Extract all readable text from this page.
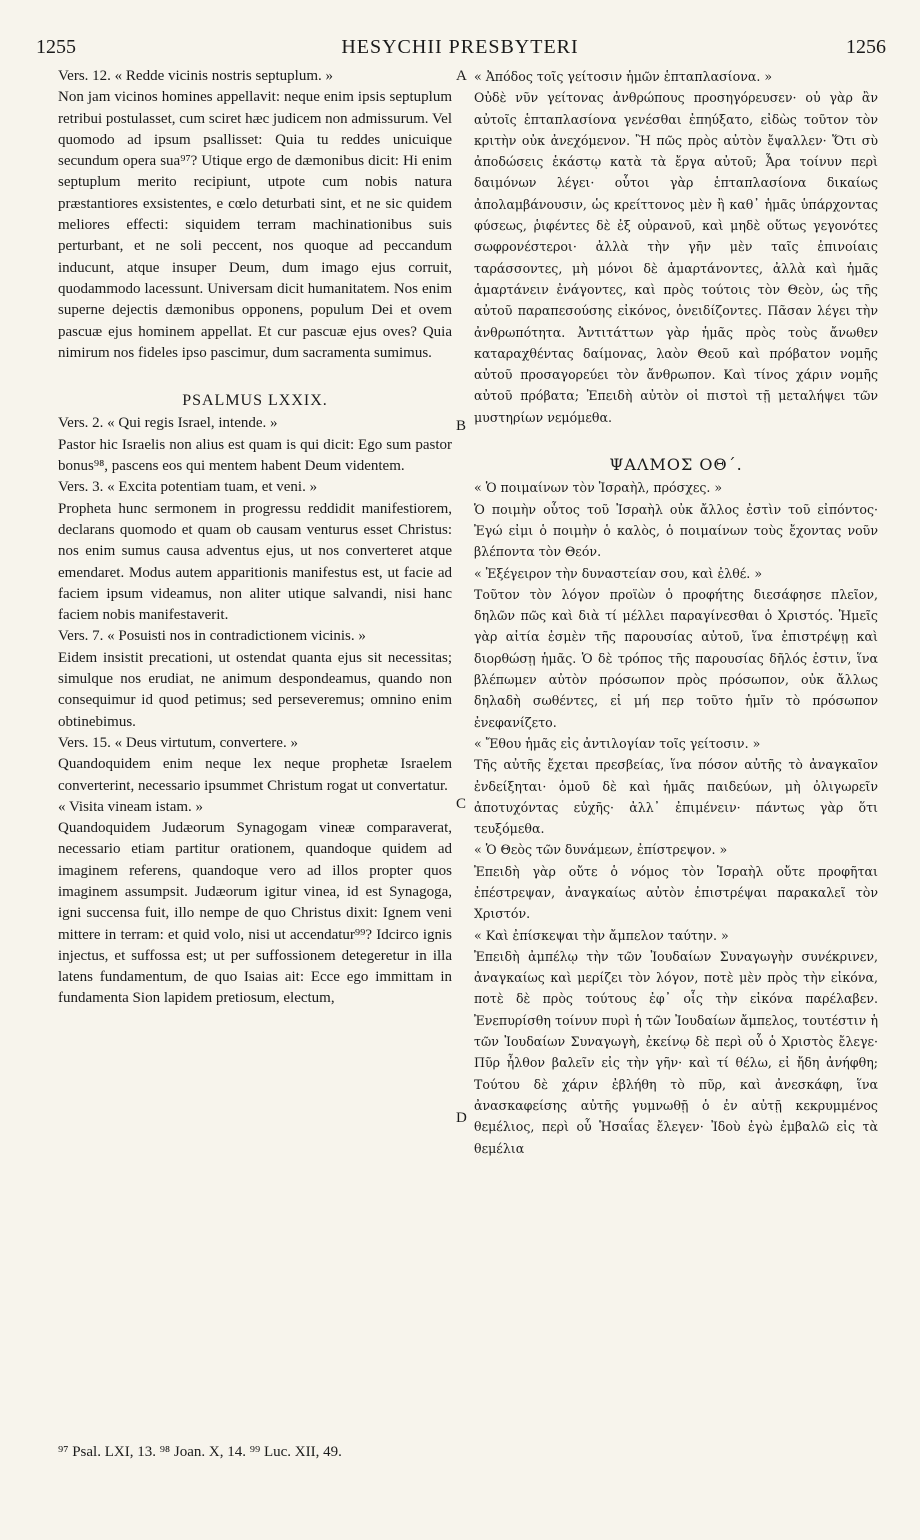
1255	HESYCHII PRESBYTERI	1256

Vers. 12. « Redde vicinis nostris septuplum. »

Non jam vicinos homines appellavit: neque enim ipsis septuplum retribui postulasset, cum sciret hæc judicem non admissurum. Vel quomodo ad ipsum psallisset: Quia tu reddes unicuique secundum opera sua⁹⁷? Utique ergo de dæmonibus dicit: Hi enim septuplum merito recipiunt, utpote cum nobis natura præstantiores exsistentes, e cœlo deturbati sint, et ne sic quidem meliores effecti: siquidem terram machinationibus suis perturbant, et ne soli peccent, nos quoque ad peccandum inducunt, atque insuper Deum, dum imago ejus corruit, quodammodo lacessunt. Universam dicit humanitatem. Nos enim superne dejectis dæmonibus opponens, populum Dei et ovem pascuæ ejus hominem appellat. Et cur pascuæ ejus oves? Quia nimirum nos fideles ipso pascimur, dum sacramenta sumimus.

PSALMUS LXXIX.

Vers. 2. « Qui regis Israel, intende. »

Pastor hic Israelis non alius est quam is qui dicit: Ego sum pastor bonus⁹⁸, pascens eos qui mentem habent Deum videntem.

Vers. 3. « Excita potentiam tuam, et veni. »

Propheta hunc sermonem in progressu reddidit manifestiorem, declarans quomodo et quam ob causam venturus esset Christus: nos enim sumus causa adventus ejus, ut nos converteret atque emendaret. Modus autem apparitionis manifestus est, ut facie ad faciem ipsum videamus, non aliter utique salvandi, nisi hanc faciem nobis manifestaverit.

Vers. 7. « Posuisti nos in contradictionem vicinis. »

Eidem insistit precationi, ut ostendat quanta ejus sit necessitas; simulque nos erudiat, ne animum despondeamus, quando non consequimur id quod petimus; sed perseveremus; omnino enim obtinebimus.

Vers. 15. « Deus virtutum, convertere. »

Quandoquidem enim neque lex neque prophetæ Israelem converterint, necessario ipsummet Christum rogat ut convertatur.

« Visita vineam istam. »

Quandoquidem Judæorum Synagogam vineæ comparaverat, necessario etiam partitur orationem, quandoque quidem ad imaginem referens, quandoque vero ad illos propter quos imaginem assumpsit. Judæorum igitur vinea, id est Synagoga, igni succensa fuit, illo nempe de quo Christus dixit: Ignem veni mittere in terram: et quid volo, nisi ut accendatur⁹⁹? Idcirco ignis injectus, et suffossa est; ut per suffossionem detegeretur in illa latens fundamentum, de quo Isaias ait: Ecce ego immittam in fundamenta Sion lapidem pretiosum, electum,

« Ἀπόδος τοῖς γείτοσιν ἡμῶν ἑπταπλασίονα. »

Οὐδὲ νῦν γείτονας ἀνθρώπους προσηγόρευσεν· οὐ γὰρ ἂν αὐτοῖς ἑπταπλασίονα γενέσθαι ἐπηύξατο, εἰδὼς τοῦτον τὸν κριτὴν οὐκ ἀνεχόμενον. Ἢ πῶς πρὸς αὐτὸν ἔψαλλεν· Ὅτι σὺ ἀποδώσεις ἑκάστῳ κατὰ τὰ ἔργα αὐτοῦ; Ἆρα τοίνυν περὶ δαιμόνων λέγει· οὗτοι γὰρ ἑπταπλασίονα δικαίως ἀπολαμβάνουσιν, ὡς κρείττονος μὲν ἢ καθ᾽ ἡμᾶς ὑπάρχοντας φύσεως, ῥιφέντες δὲ ἐξ οὐρανοῦ, καὶ μηδὲ οὕτως γεγονότες σωφρονέστεροι· ἀλλὰ τὴν γῆν μὲν ταῖς ἐπινοίαις ταράσσοντες, μὴ μόνοι δὲ ἁμαρτάνοντες, ἀλλὰ καὶ ἡμᾶς ἁμαρτάνειν ἐνάγοντες, καὶ πρὸς τούτοις τὸν Θεὸν, ὡς τῆς αὐτοῦ παραπεσούσης εἰκόνος, ὀνειδίζοντες. Πᾶσαν λέγει τὴν ἀνθρωπότητα. Ἀντιτάττων γὰρ ἡμᾶς πρὸς τοὺς ἄνωθεν καταραχθέντας δαίμονας, λαὸν Θεοῦ καὶ πρόβατον νομῆς αὐτοῦ προσαγορεύει τὸν ἄνθρωπον. Καὶ τίνος χάριν νομῆς αὐτοῦ πρόβατα; Ἐπειδὴ αὐτὸν οἱ πιστοὶ τῇ μεταλήψει τῶν μυστηρίων νεμόμεθα.

ΨΑΛΜΟΣ ΟΘ΄.

« Ὁ ποιμαίνων τὸν Ἰσραὴλ, πρόσχες. »

Ὁ ποιμὴν οὗτος τοῦ Ἰσραὴλ οὐκ ἄλλος ἐστὶν τοῦ εἰπόντος· Ἐγώ εἰμι ὁ ποιμὴν ὁ καλὸς, ὁ ποιμαίνων τοὺς ἔχοντας νοῦν βλέποντα τὸν Θεόν.

« Ἐξέγειρον τὴν δυναστείαν σου, καὶ ἐλθέ. »

Τοῦτον τὸν λόγον προϊὼν ὁ προφήτης διεσάφησε πλεῖον, δηλῶν πῶς καὶ διὰ τί μέλλει παραγίνεσθαι ὁ Χριστός. Ἡμεῖς γὰρ αἰτία ἐσμὲν τῆς παρουσίας αὐτοῦ, ἵνα ἐπιστρέψῃ καὶ διορθώσῃ ἡμᾶς. Ὁ δὲ τρόπος τῆς παρουσίας δῆλός ἐστιν, ἵνα βλέπωμεν αὐτὸν πρόσωπον πρὸς πρόσωπον, οὐκ ἄλλως δηλαδὴ σωθέντες, εἰ μή περ τοῦτο ἡμῖν τὸ πρόσωπον ἐνεφανίζετο.

« Ἔθου ἡμᾶς εἰς ἀντιλογίαν τοῖς γείτοσιν. »

Τῆς αὐτῆς ἔχεται πρεσβείας, ἵνα πόσον αὐτῆς τὸ ἀναγκαῖον ἐνδείξηται· ὁμοῦ δὲ καὶ ἡμᾶς παιδεύων, μὴ ὀλιγωρεῖν ἀποτυχόντας εὐχῆς· ἀλλ᾽ ἐπιμένειν· πάντως γὰρ ὅτι τευξόμεθα.

« Ὁ Θεὸς τῶν δυνάμεων, ἐπίστρεψον. »

Ἐπειδὴ γὰρ οὔτε ὁ νόμος τὸν Ἰσραὴλ οὔτε προφῆται ἐπέστρεψαν, ἀναγκαίως αὐτὸν ἐπιστρέψαι παρακαλεῖ τὸν Χριστόν.

« Καὶ ἐπίσκεψαι τὴν ἄμπελον ταύτην. »

Ἐπειδὴ ἀμπέλῳ τὴν τῶν Ἰουδαίων Συναγωγὴν συνέκρινεν, ἀναγκαίως καὶ μερίζει τὸν λόγον, ποτὲ μὲν πρὸς τὴν εἰκόνα, ποτὲ δὲ πρὸς τούτους ἐφ᾽ οἷς τὴν εἰκόνα παρέλαβεν. Ἐνεπυρίσθη τοίνυν πυρὶ ἡ τῶν Ἰουδαίων ἄμπελος, τουτέστιν ἡ τῶν Ἰουδαίων Συναγωγὴ, ἐκείνῳ δὲ περὶ οὗ ὁ Χριστὸς ἔλεγε· Πῦρ ἦλθον βαλεῖν εἰς τὴν γῆν· καὶ τί θέλω, εἰ ἤδη ἀνήφθη; Τούτου δὲ χάριν ἐβλήθη τὸ πῦρ, καὶ ἀνεσκάφη, ἵνα ἀνασκαφείσης αὐτῆς γυμνωθῇ ὁ ἐν αὐτῇ κεκρυμμένος θεμέλιος, περὶ οὗ Ἡσαΐας ἔλεγεν· Ἰδοὺ ἐγὼ ἐμβαλῶ εἰς τὰ θεμέλια

A
B
C
D
⁹⁷ Psal. LXI, 13. ⁹⁸ Joan. X, 14. ⁹⁹ Luc. XII, 49.
